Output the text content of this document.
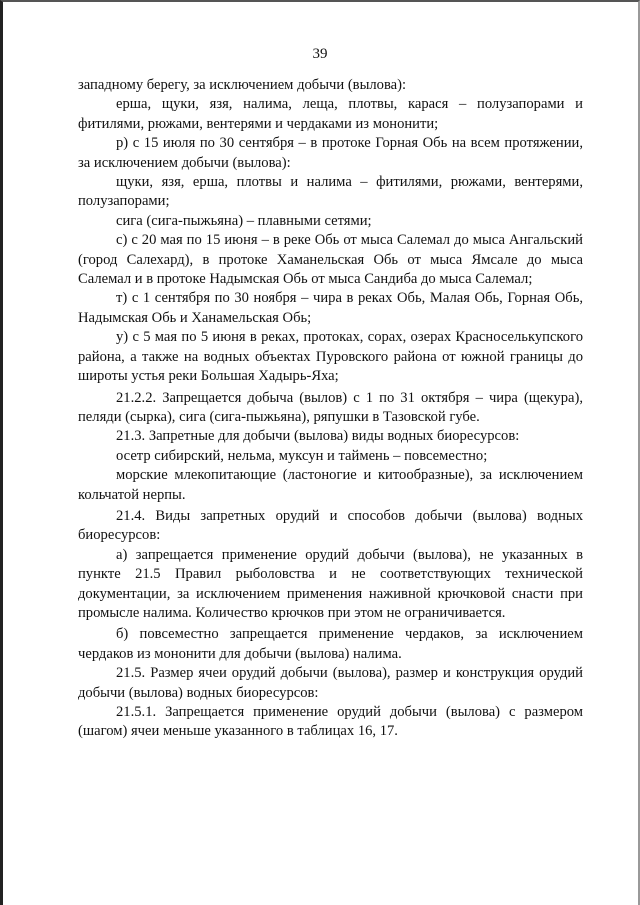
39

западному берегу, за исключением добычи (вылова):

ерша, щуки, язя, налима, леща, плотвы, карася – полузапорами и фитилями, рюжами, вентерями и чердаками из мононити;

р) с 15 июля по 30 сентября – в протоке Горная Обь на всем протяжении, за исключением добычи (вылова):

щуки, язя, ерша, плотвы и налима – фитилями, рюжами, вентерями, полузапорами;

сига (сига-пыжьяна) – плавными сетями;

с) с 20 мая по 15 июня – в реке Обь от мыса Салемал до мыса Ангальский (город Салехард), в протоке Хаманельская Обь от мыса Ямсале до мыса Салемал и в протоке Надымская Обь от мыса Сандиба до мыса Салемал;

т) с 1 сентября по 30 ноября – чира в реках Обь, Малая Обь, Горная Обь, Надымская Обь и Ханамельская Обь;

у) с 5 мая по 5 июня в реках, протоках, сорах, озерах Красноселькупского района, а также на водных объектах Пуровского района от южной границы до широты устья реки Большая Хадырь-Яха;

21.2.2. Запрещается добыча (вылов) с 1 по 31 октября – чира (щекура), пеляди (сырка), сига (сига-пыжьяна), ряпушки в Тазовской губе.

21.3. Запретные для добычи (вылова) виды водных биоресурсов:

осетр сибирский, нельма, муксун и таймень – повсеместно;

морские млекопитающие (ластоногие и китообразные), за исключением кольчатой нерпы.

21.4. Виды запретных орудий и способов добычи (вылова) водных биоресурсов:

а) запрещается применение орудий добычи (вылова), не указанных в пункте 21.5 Правил рыболовства и не соответствующих технической документации, за исключением применения наживной крючковой снасти при промысле налима. Количество крючков при этом не ограничивается.

б) повсеместно запрещается применение чердаков, за исключением чердаков из мононити для добычи (вылова) налима.

21.5. Размер ячеи орудий добычи (вылова), размер и конструкция орудий добычи (вылова) водных биоресурсов:

21.5.1. Запрещается применение орудий добычи (вылова) с размером (шагом) ячеи меньше указанного в таблицах 16, 17.
